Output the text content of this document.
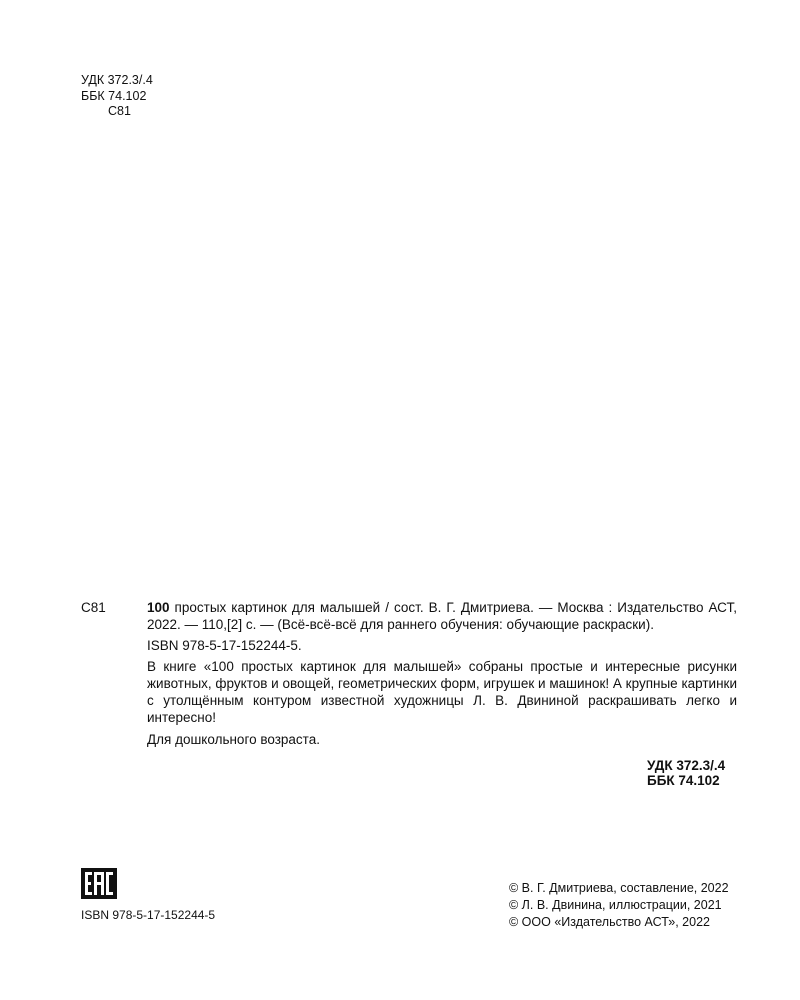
УДК 372.3/.4
ББК 74.102
С81
С81	100 простых картинок для малышей / сост. В. Г. Дмитриева. — Москва : Издательство АСТ, 2022. — 110,[2] с. — (Всё-всё-всё для раннего обучения: обучающие раскраски).

ISBN 978-5-17-152244-5.

В книге «100 простых картинок для малышей» собраны простые и интересные рисунки животных, фруктов и овощей, геометрических форм, игрушек и машинок! А крупные картинки с утолщённым контуром известной художницы Л. В. Двининой раскрашивать легко и интересно!

Для дошкольного возраста.

УДК 372.3/.4
ББК 74.102
ISBN 978-5-17-152244-5
© В. Г. Дмитриева, составление, 2022
© Л. В. Двинина, иллюстрации, 2021
© ООО «Издательство АСТ», 2022
